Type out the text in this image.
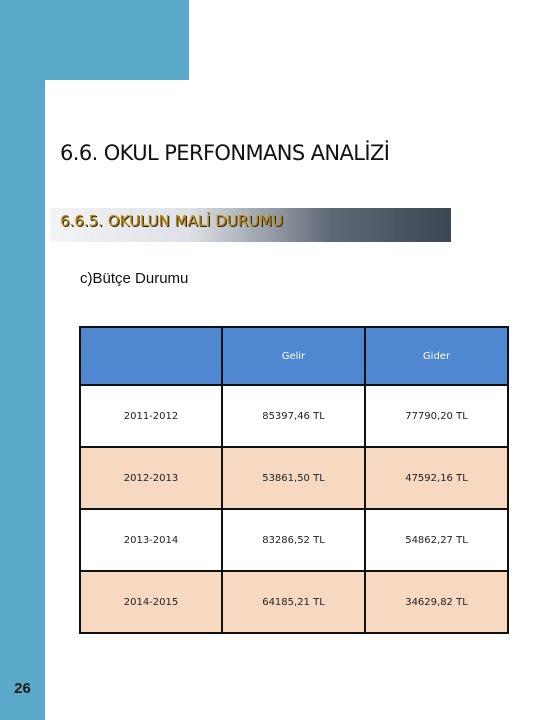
26
6.6. OKUL PERFONMANS ANALİZİ
6.6.5. OKULUN MALİ DURUMU
c)Bütçe Durumu
	Gelir	Gider
2011-2012	85397,46 TL	77790,20 TL
2012-2013	53861,50 TL	47592,16 TL
2013-2014	83286,52 TL	54862,27 TL
2014-2015	64185,21 TL	34629,82 TL
